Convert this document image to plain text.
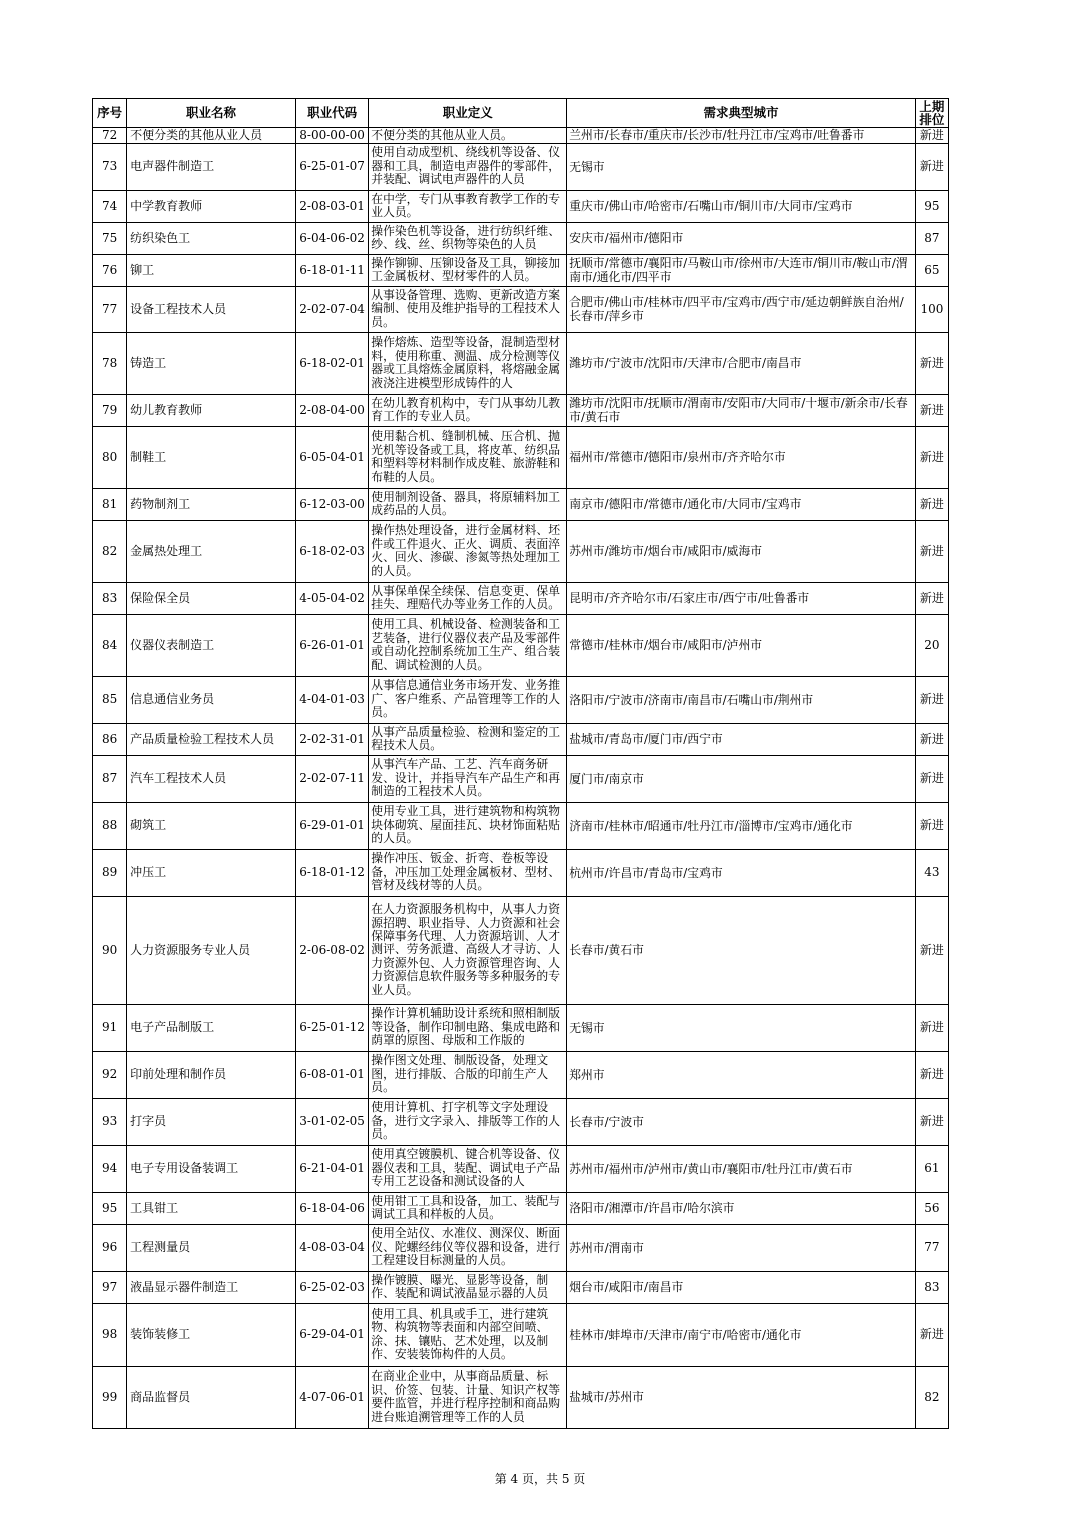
序号	职业名称	职业代码	职业定义	需求典型城市	上期
排位
72	不便分类的其他从业人员	8-00-00-00	不便分类的其他从业人员。	兰州市/长春市/重庆市/长沙市/牡丹江市/宝鸡市/吐鲁番市	新进
73	电声器件制造工	6-25-01-07	使用自动成型机、绕线机等设备、仪器和工具，制造电声器件的零部件，并装配、调试电声器件的人员	无锡市	新进
74	中学教育教师	2-08-03-01	在中学，专门从事教育教学工作的专业人员。	重庆市/佛山市/哈密市/石嘴山市/铜川市/大同市/宝鸡市	95
75	纺织染色工	6-04-06-02	操作染色机等设备，进行纺织纤维、纱、线、丝、织物等染色的人员	安庆市/福州市/德阳市	87
76	铆工	6-18-01-11	操作铆铆、压铆设备及工具，铆接加工金属板材、型材零件的人员。	抚顺市/常德市/襄阳市/马鞍山市/徐州市/大连市/铜川市/鞍山市/渭南市/通化市/四平市	65
77	设备工程技术人员	2-02-07-04	从事设备管理、选购、更新改造方案编制、使用及维护指导的工程技术人员。	合肥市/佛山市/桂林市/四平市/宝鸡市/西宁市/延边朝鲜族自治州/长春市/萍乡市	100
78	铸造工	6-18-02-01	操作熔炼、造型等设备，混制造型材料，使用称重、测温、成分检测等仪器或工具熔炼金属原料，将熔融金属液浇注进模型形成铸件的人	潍坊市/宁波市/沈阳市/天津市/合肥市/南昌市	新进
79	幼儿教育教师	2-08-04-00	在幼儿教育机构中，专门从事幼儿教育工作的专业人员。	潍坊市/沈阳市/抚顺市/渭南市/安阳市/大同市/十堰市/新余市/长春市/黄石市	新进
80	制鞋工	6-05-04-01	使用黏合机、缝制机械、压合机、抛光机等设备或工具，将皮革、纺织品和塑料等材料制作成皮鞋、旅游鞋和布鞋的人员。	福州市/常德市/德阳市/泉州市/齐齐哈尔市	新进
81	药物制剂工	6-12-03-00	使用制剂设备、器具，将原辅料加工成药品的人员。	南京市/德阳市/常德市/通化市/大同市/宝鸡市	新进
82	金属热处理工	6-18-02-03	操作热处理设备，进行金属材料、坯件或工件退火、正火、调质、表面淬火、回火、渗碳、渗氮等热处理加工的人员。	苏州市/潍坊市/烟台市/咸阳市/威海市	新进
83	保险保全员	4-05-04-02	从事保单保全续保、信息变更、保单挂失、理赔代办等业务工作的人员。	昆明市/齐齐哈尔市/石家庄市/西宁市/吐鲁番市	新进
84	仪器仪表制造工	6-26-01-01	使用工具、机械设备、检测装备和工艺装备，进行仪器仪表产品及零部件或自动化控制系统加工生产、组合装配、调试检测的人员。	常德市/桂林市/烟台市/咸阳市/泸州市	20
85	信息通信业务员	4-04-01-03	从事信息通信业务市场开发、业务推广、客户维系、产品管理等工作的人员。	洛阳市/宁波市/济南市/南昌市/石嘴山市/荆州市	新进
86	产品质量检验工程技术人员	2-02-31-01	从事产品质量检验、检测和鉴定的工程技术人员。	盐城市/青岛市/厦门市/西宁市	新进
87	汽车工程技术人员	2-02-07-11	从事汽车产品、工艺、汽车商务研发、设计，并指导汽车产品生产和再制造的工程技术人员。	厦门市/南京市	新进
88	砌筑工	6-29-01-01	使用专业工具，进行建筑物和构筑物块体砌筑、屋面挂瓦、块材饰面粘贴的人员。	济南市/桂林市/昭通市/牡丹江市/淄博市/宝鸡市/通化市	新进
89	冲压工	6-18-01-12	操作冲压、钣金、折弯、卷板等设备，冲压加工处理金属板材、型材、管材及线材等的人员。	杭州市/许昌市/青岛市/宝鸡市	43
90	人力资源服务专业人员	2-06-08-02	在人力资源服务机构中，从事人力资源招聘、职业指导、人力资源和社会保障事务代理、人力资源培训、人才测评、劳务派遣、高级人才寻访、人力资源外包、人力资源管理咨询、人力资源信息软件服务等多种服务的专业人员。	长春市/黄石市	新进
91	电子产品制版工	6-25-01-12	操作计算机辅助设计系统和照相制版等设备，制作印制电路、集成电路和荫罩的原图、母版和工作版的	无锡市	新进
92	印前处理和制作员	6-08-01-01	操作图文处理、制版设备，处理文图，进行排版、合版的印前生产人员。	郑州市	新进
93	打字员	3-01-02-05	使用计算机、打字机等文字处理设备，进行文字录入、排版等工作的人员。	长春市/宁波市	新进
94	电子专用设备装调工	6-21-04-01	使用真空镀膜机、键合机等设备、仪器仪表和工具，装配、调试电子产品专用工艺设备和测试设备的人	苏州市/福州市/泸州市/黄山市/襄阳市/牡丹江市/黄石市	61
95	工具钳工	6-18-04-06	使用钳工工具和设备，加工、装配与调试工具和样板的人员。	洛阳市/湘潭市/许昌市/哈尔滨市	56
96	工程测量员	4-08-03-04	使用全站仪、水准仪、测深仪、断面仪、陀螺经纬仪等仪器和设备，进行工程建设目标测量的人员。	苏州市/渭南市	77
97	液晶显示器件制造工	6-25-02-03	操作镀膜、曝光、显影等设备，制作、装配和调试液晶显示器的人员	烟台市/咸阳市/南昌市	83
98	装饰装修工	6-29-04-01	使用工具、机具或手工，进行建筑物、构筑物等表面和内部空间喷、涂、抹、镶贴、艺术处理，以及制作、安装装饰构件的人员。	桂林市/蚌埠市/天津市/南宁市/哈密市/通化市	新进
99	商品监督员	4-07-06-01	在商业企业中，从事商品质量、标识、价签、包装、计量、知识产权等要件监管，并进行程序控制和商品购进台账追溯管理等工作的人员	盐城市/苏州市	82
第 4 页，共 5 页
